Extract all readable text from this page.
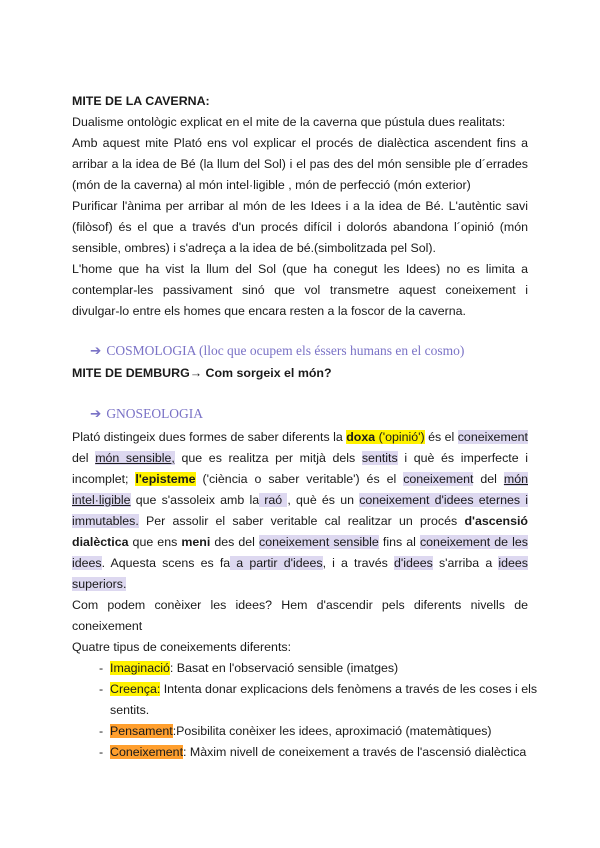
MITE DE LA CAVERNA:
Dualisme ontològic explicat en el mite de la caverna que pústula dues realitats:
Amb aquest mite Plató ens vol explicar el procés de dialèctica ascendent fins a
arribar a la idea de Bé (la llum del Sol) i el pas des del món sensible ple d´errades
(món de la caverna) al món intel·ligible , món de perfecció (món exterior)
Purificar l'ànima per arribar al món de les Idees i a la idea de Bé. L'autèntic savi
(filòsof) és el que a través d'un procés difícil i dolorós abandona l´opinió (món
sensible, ombres) i s'adreça a la idea de bé.(simbolitzada pel Sol).
L'home que ha vist la llum del Sol (que ha conegut les Idees) no es limita a
contemplar-les passivament sinó que vol transmetre aquest coneixement i
divulgar-lo entre els homes que encara resten a la foscor de la caverna.
➔ COSMOLOGIA (lloc que ocupem els éssers humans en el cosmo)
MITE DE DEMBURG→ Com sorgeix el món?
➔ GNOSEOLOGIA
Plató distingeix dues formes de saber diferents la doxa ('opinió') és el coneixement
del món sensible, que es realitza per mitjà dels sentits i què és imperfecte i
incomplet; l'episteme ('ciència o saber veritable') és el coneixement del món
intel·ligible que s'assoleix amb la raó , què és un coneixement d'idees eternes i
immutables. Per assolir el saber veritable cal realitzar un procés d'ascensió
dialèctica que ens meni des del coneixement sensible fins al coneixement de les
idees. Aquesta scens es fa a partir d'idees, i a través d'idees s'arriba a idees
superiors.
Com podem conèixer les idees? Hem d'ascendir pels diferents nivells de
coneixement
Quatre tipus de coneixements diferents:
- Imaginació: Basat en l'observació sensible (imatges)
- Creença: Intenta donar explicacions dels fenòmens a través de les coses i els
sentits.
- Pensament:Posibilita conèixer les idees, aproximació (matemàtiques)
- Coneixement: Màxim nivell de coneixement a través de l'ascensió dialèctica
